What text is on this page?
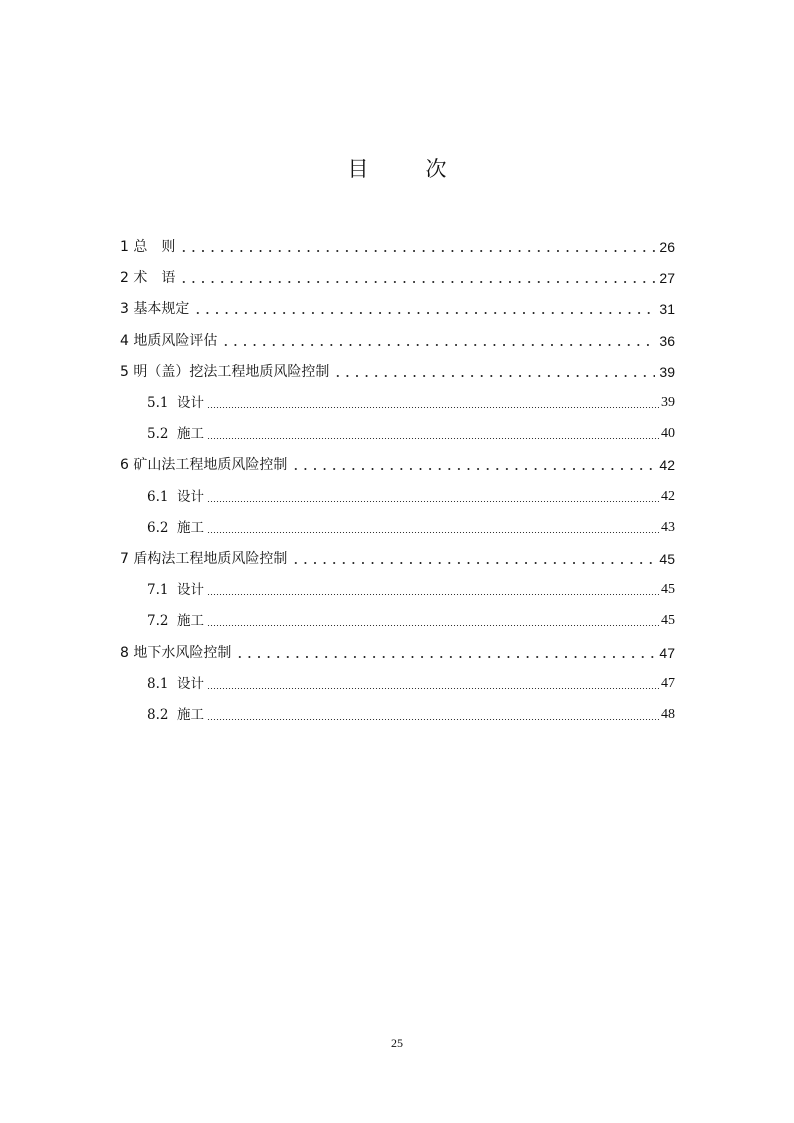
目　次
1 总　则	26
2 术　语	27
3 基本规定	31
4 地质风险评估	36
5 明（盖）挖法工程地质风险控制	39
5.1  设计	39
5.2  施工	40
6 矿山法工程地质风险控制	42
6.1  设计	42
6.2  施工	43
7 盾构法工程地质风险控制	45
7.1  设计	45
7.2  施工	45
8 地下水风险控制	47
8.1  设计	47
8.2  施工	48
25
